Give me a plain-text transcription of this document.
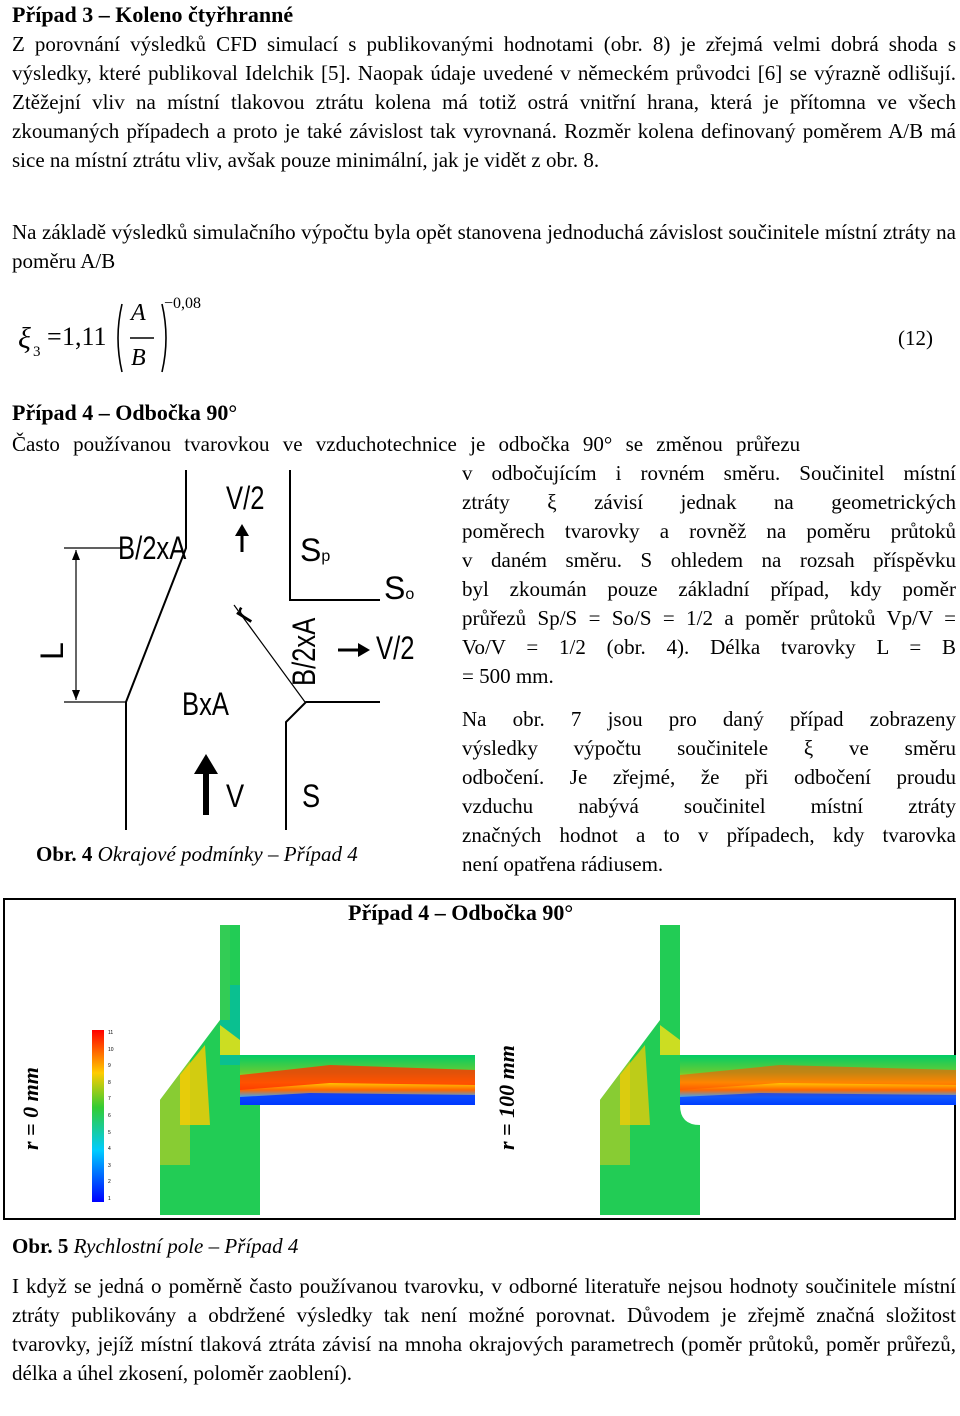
Případ 3 – Koleno čtyřhranné
Z porovnání výsledků CFD simulací s publikovanými hodnotami (obr. 8) je zřejmá velmi dobrá shoda s výsledky, které publikoval Idelchik [5]. Naopak údaje uvedené v německém průvodci [6] se výrazně odlišují. Ztěžejní vliv na místní tlakovou ztrátu kolena má totiž ostrá vnitřní hrana, která je přítomna ve všech zkoumaných případech a proto je také závislost tak vyrovnaná. Rozměr kolena definovaný poměrem A/B má sice na místní ztrátu vliv, avšak pouze minimální, jak je vidět z obr. 8.
Na základě výsledků simulačního výpočtu byla opět stanovena jednoduchá závislost součinitele místní ztráty na poměru A/B
ξ 3
= 1,11
A
B
−0,08
(12)
Případ 4 – Odbočka 90°
Často používanou tvarovkou ve vzduchotechnice je odbočka 90° se změnou průřezu
v odbočujícím i rovném směru. Součinitel místní
ztráty ξ závisí jednak na geometrických
poměrech tvarovky a rovněž na poměru průtoků
v daném směru. S ohledem na rozsah příspěvku
byl zkoumán pouze základní případ, kdy poměr
průřezů Sp/S = So/S = 1/2 a poměr průtoků Vp/V =
Vo/V = 1/2 (obr. 4). Délka tvarovky L = B
= 500 mm.
Na obr. 7 jsou pro daný případ zobrazeny
výsledky výpočtu součinitele ξ ve směru
odbočení. Je zřejmé, že při odbočení proudu
vzduchu nabývá součinitel místní ztráty
značných hodnot a to v případech, kdy tvarovka
není opatřena rádiusem.
V/2
B/2xA	Sp
So
r
B/2xA V/2
L
BxA
V S
Obr. 4 Okrajové podmínky – Případ 4
Případ 4 – Odbočka 90°
r = 0 mm	r = 100 mm
11
10
9
8
7
6
5
4
3
2
1
Obr. 5 Rychlostní pole – Případ 4
I když se jedná o poměrně často používanou tvarovku, v odborné literatuře nejsou hodnoty součinitele místní ztráty publikovány a obdržené výsledky tak není možné porovnat. Důvodem je zřejmě značná složitost tvarovky, jejíž místní tlaková ztráta závisí na mnoha okrajových parametrech (poměr průtoků, poměr průřezů, délka a úhel zkosení, poloměr zaoblení).
